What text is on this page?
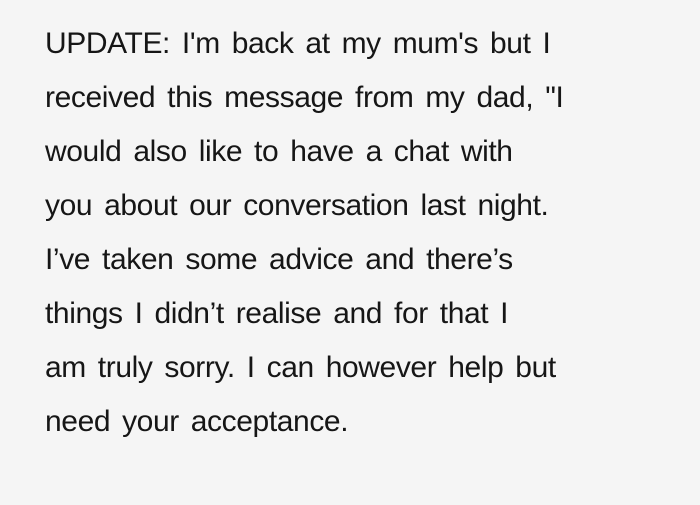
UPDATE: I'm back at my mum's but I
received this message from my dad, "I
would also like to have a chat with
you about our conversation last night.
I’ve taken some advice and there’s
things I didn’t realise and for that I
am truly sorry. I can however help but
need your acceptance.
